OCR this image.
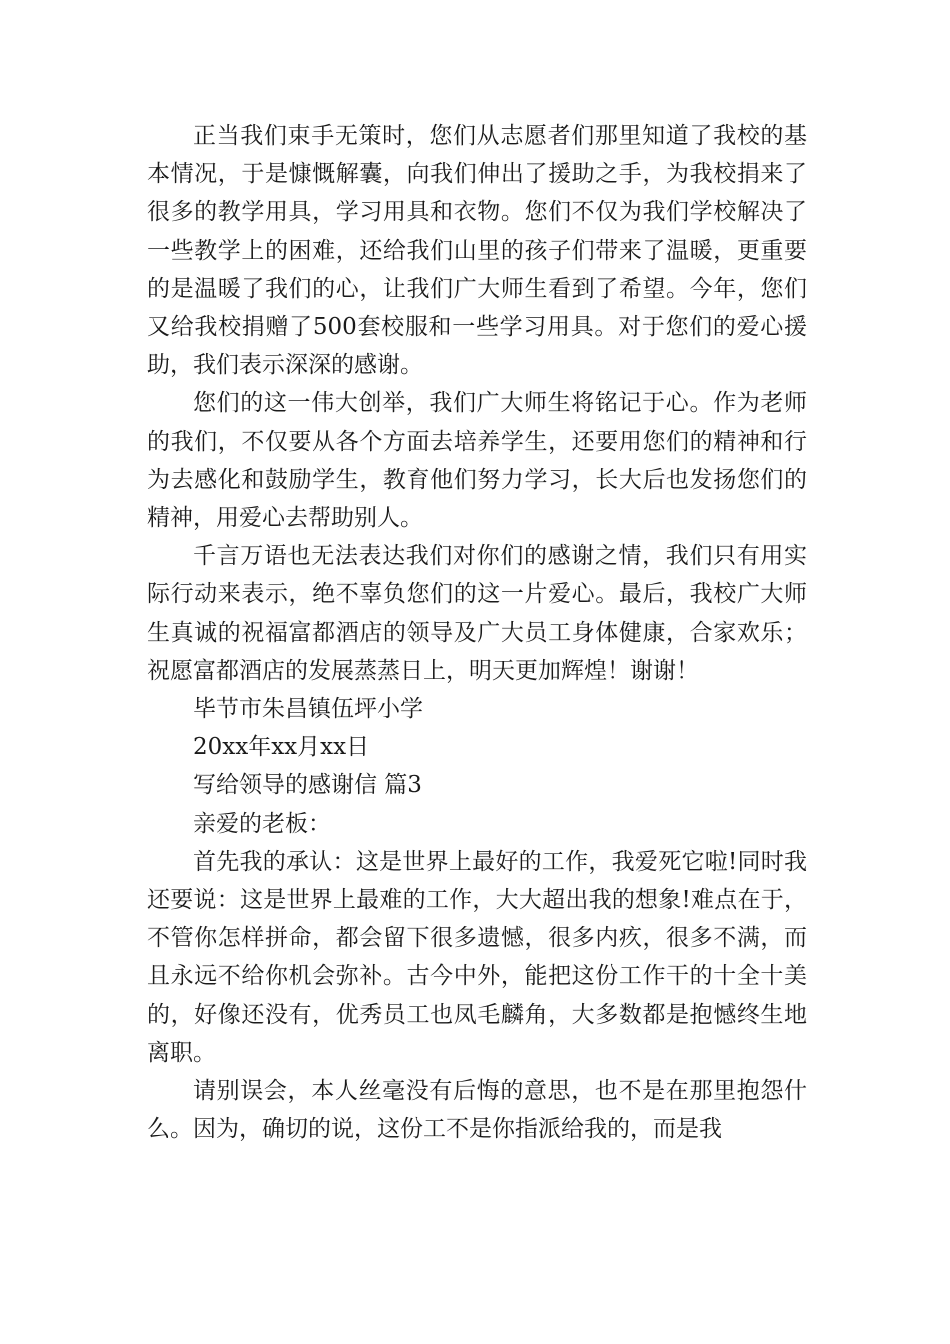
正当我们束手无策时，您们从志愿者们那里知道了我校的基本情况，于是慷慨解囊，向我们伸出了援助之手，为我校捐来了很多的教学用具，学习用具和衣物。您们不仅为我们学校解决了一些教学上的困难，还给我们山里的孩子们带来了温暖，更重要的是温暖了我们的心，让我们广大师生看到了希望。今年，您们又给我校捐赠了500套校服和一些学习用具。对于您们的爱心援助，我们表示深深的感谢。

您们的这一伟大创举，我们广大师生将铭记于心。作为老师的我们，不仅要从各个方面去培养学生，还要用您们的精神和行为去感化和鼓励学生，教育他们努力学习，长大后也发扬您们的精神，用爱心去帮助别人。

千言万语也无法表达我们对你们的感谢之情，我们只有用实际行动来表示，绝不辜负您们的这一片爱心。最后，我校广大师生真诚的祝福富都酒店的领导及广大员工身体健康，合家欢乐；祝愿富都酒店的发展蒸蒸日上，明天更加辉煌！谢谢！

毕节市朱昌镇伍坪小学

20xx年xx月xx日

写给领导的感谢信 篇3

亲爱的老板：

首先我的承认：这是世界上最好的工作，我爱死它啦!同时我还要说：这是世界上最难的工作，大大超出我的想象!难点在于，不管你怎样拼命，都会留下很多遗憾，很多内疚，很多不满，而且永远不给你机会弥补。古今中外，能把这份工作干的十全十美的，好像还没有，优秀员工也凤毛麟角，大多数都是抱憾终生地离职。

请别误会，本人丝毫没有后悔的意思，也不是在那里抱怨什么。因为，确切的说，这份工不是你指派给我的，而是我
